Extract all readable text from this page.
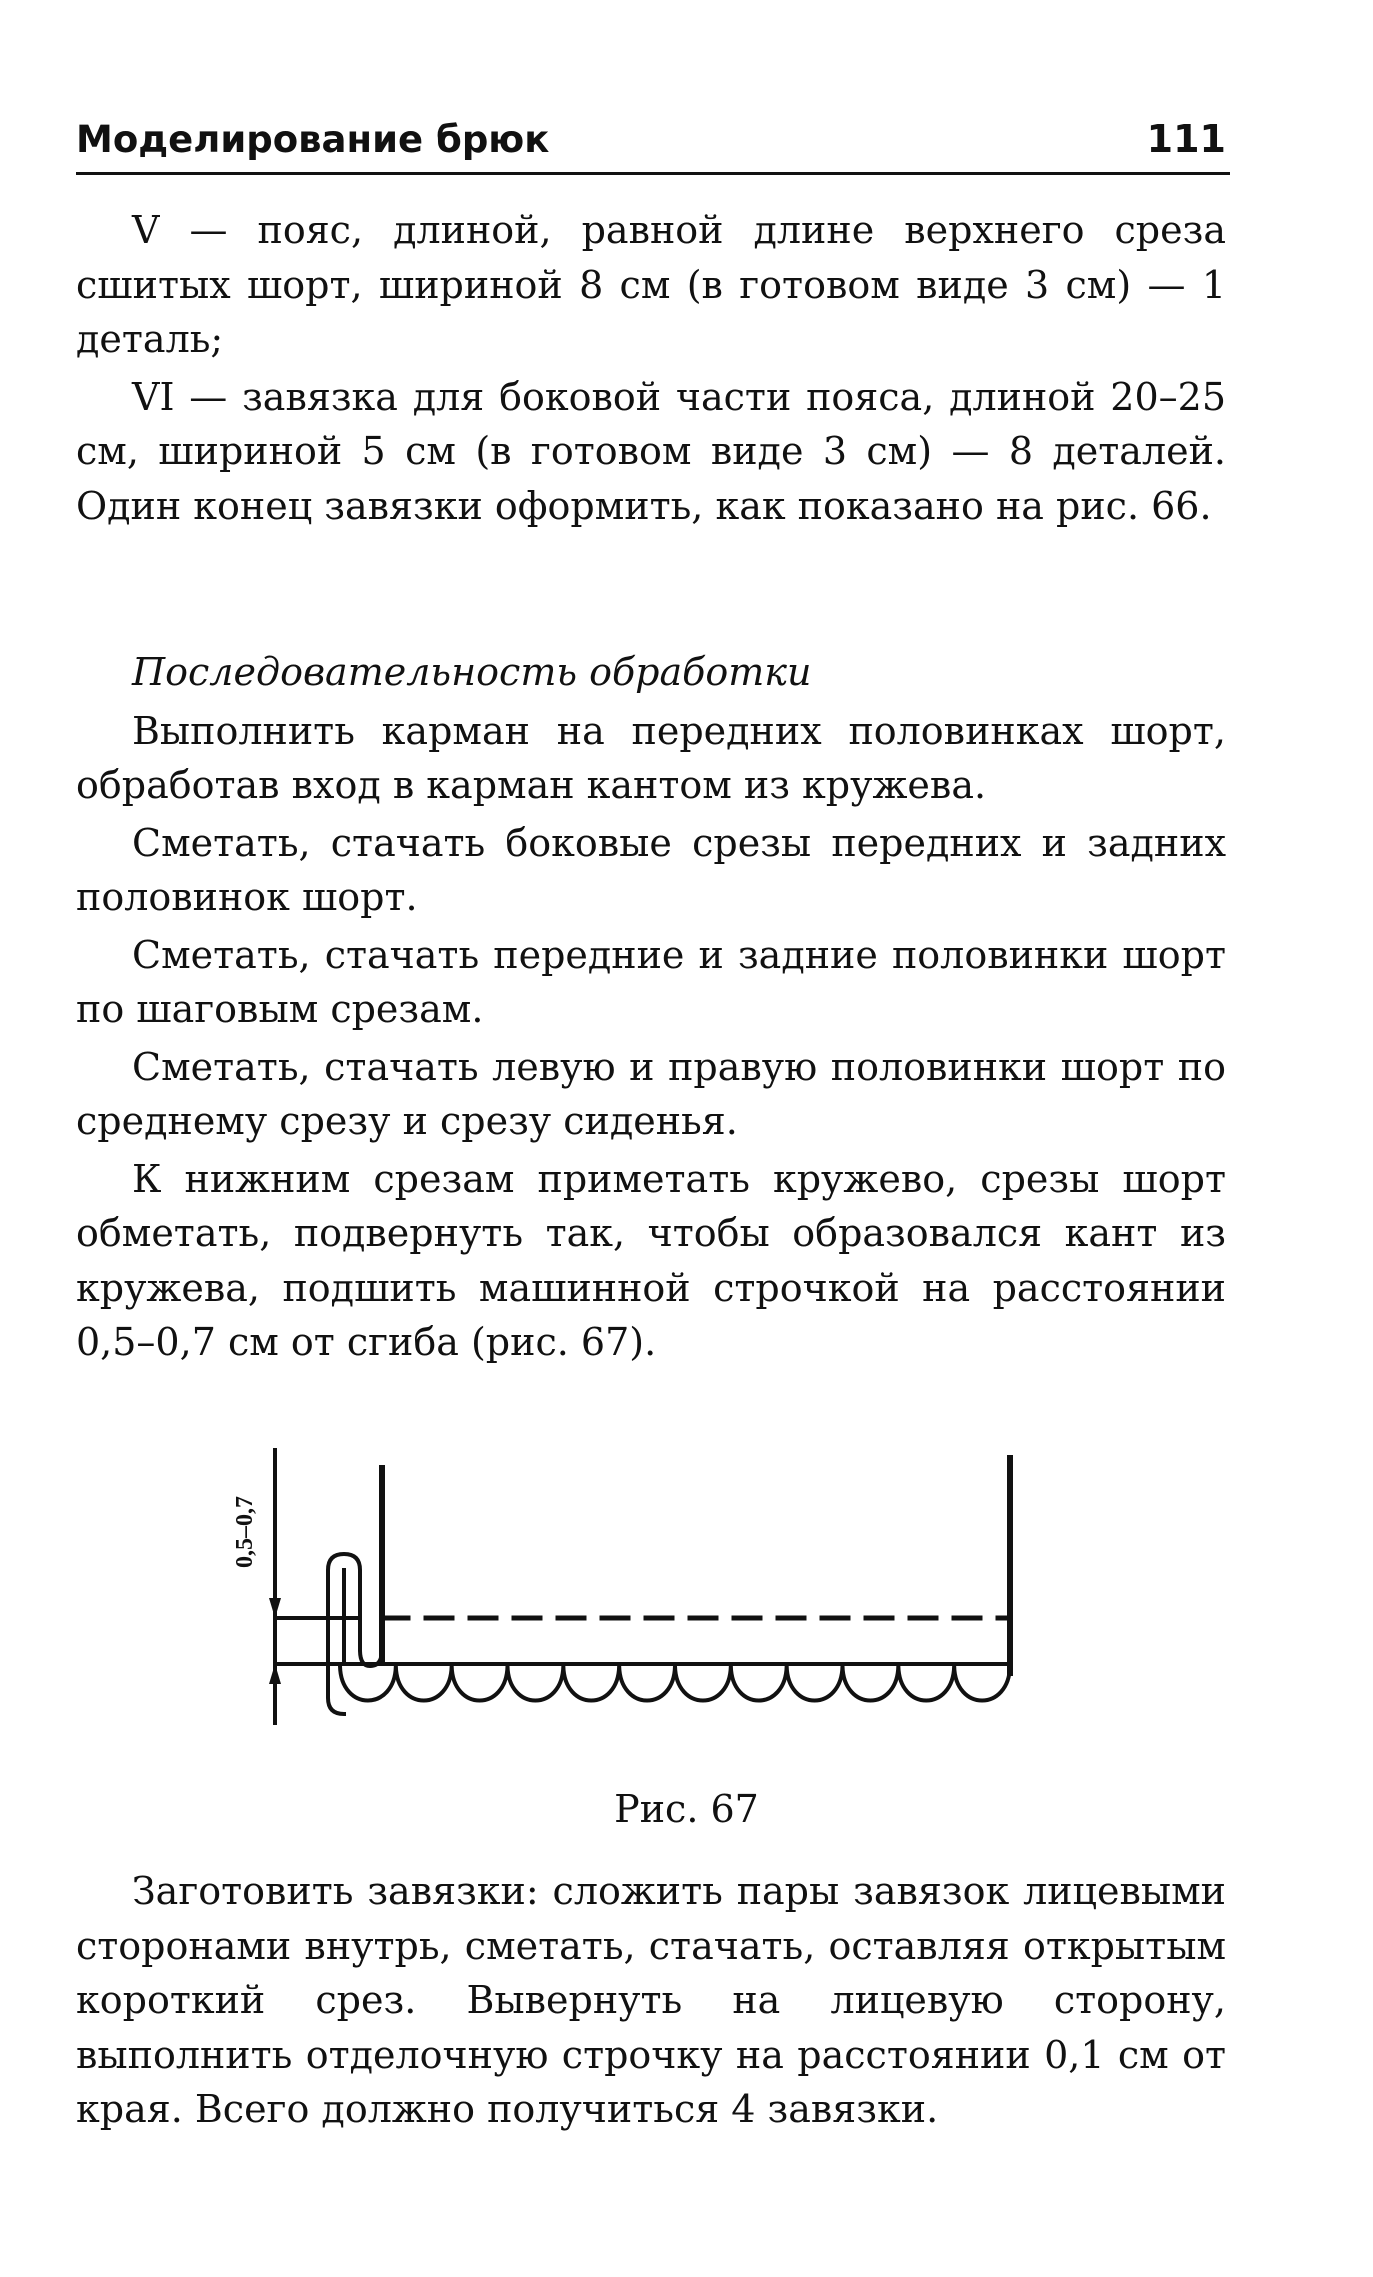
Моделирование брюк	111

V — пояс, длиной, равной длине верхнего среза сшитых шорт, шириной 8 см (в готовом виде 3 см) — 1 деталь;

VI — завязка для боковой части пояса, длиной 20–25 см, шириной 5 см (в готовом виде 3 см) — 8 деталей. Один конец завязки оформить, как показано на рис. 66.

Последовательность обработки

Выполнить карман на передних половинках шорт, обработав вход в карман кантом из кружева.

Сметать, стачать боковые срезы передних и задних половинок шорт.

Сметать, стачать передние и задние половинки шорт по шаговым срезам.

Сметать, стачать левую и правую половинки шорт по среднему срезу и срезу сиденья.

К нижним срезам приметать кружево, срезы шорт обметать, подвернуть так, чтобы образовался кант из кружева, подшить машинной строчкой на расстоянии 0,5–0,7 см от сгиба (рис. 67).

0,5–0,7
Рис. 67

Заготовить завязки: сложить пары завязок лицевыми сторонами внутрь, сметать, стачать, оставляя открытым короткий срез. Вывернуть на лицевую сторону, выполнить отделочную строчку на расстоянии 0,1 см от края. Всего должно получиться 4 завязки.
